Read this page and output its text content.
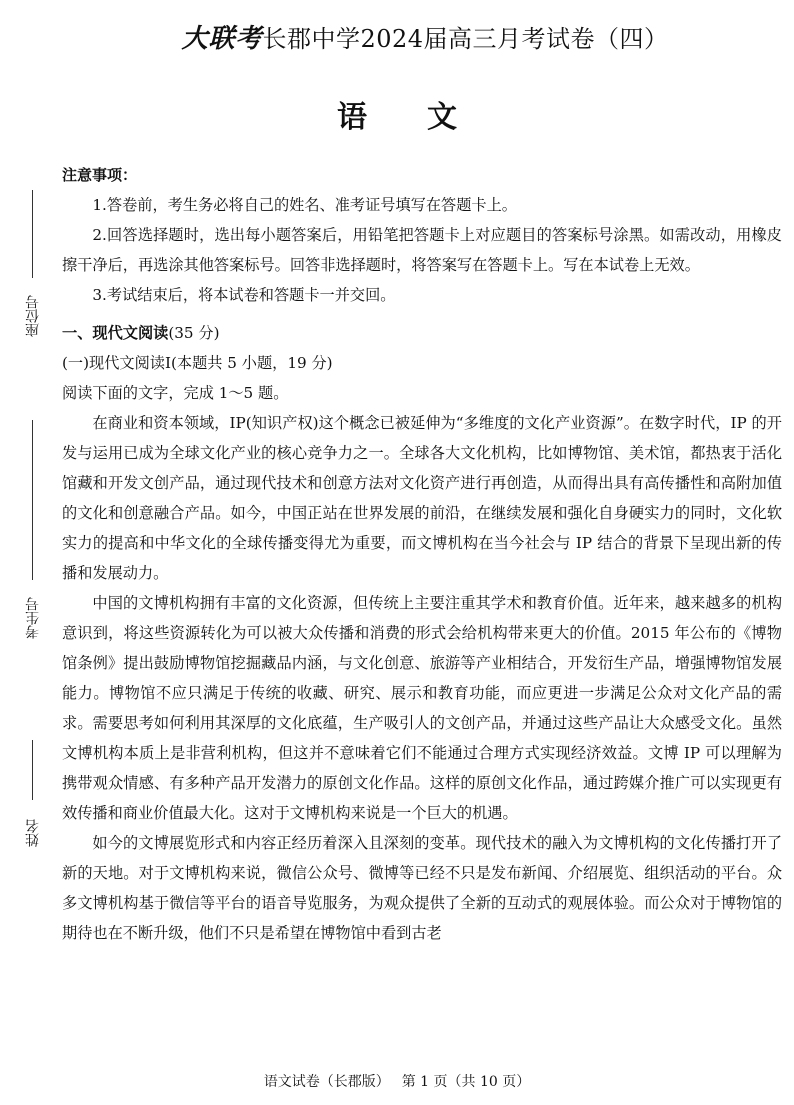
大联考长郡中学2024届高三月考试卷（四）
语文
座位号
考生号
姓名

注意事项：

1.答卷前，考生务必将自己的姓名、准考证号填写在答题卡上。

2.回答选择题时，选出每小题答案后，用铅笔把答题卡上对应题目的答案标号涂黑。如需改动，用橡皮擦干净后，再选涂其他答案标号。回答非选择题时，将答案写在答题卡上。写在本试卷上无效。

3.考试结束后，将本试卷和答题卡一并交回。

一、现代文阅读(35 分)

(一)现代文阅读Ⅰ(本题共 5 小题，19 分)

阅读下面的文字，完成 1～5 题。

在商业和资本领域，IP(知识产权)这个概念已被延伸为“多维度的文化产业资源”。在数字时代，IP 的开发与运用已成为全球文化产业的核心竞争力之一。全球各大文化机构，比如博物馆、美术馆，都热衷于活化馆藏和开发文创产品，通过现代技术和创意方法对文化资产进行再创造，从而得出具有高传播性和高附加值的文化和创意融合产品。如今，中国正站在世界发展的前沿，在继续发展和强化自身硬实力的同时，文化软实力的提高和中华文化的全球传播变得尤为重要，而文博机构在当今社会与 IP 结合的背景下呈现出新的传播和发展动力。

中国的文博机构拥有丰富的文化资源，但传统上主要注重其学术和教育价值。近年来，越来越多的机构意识到，将这些资源转化为可以被大众传播和消费的形式会给机构带来更大的价值。2015 年公布的《博物馆条例》提出鼓励博物馆挖掘藏品内涵，与文化创意、旅游等产业相结合，开发衍生产品，增强博物馆发展能力。博物馆不应只满足于传统的收藏、研究、展示和教育功能，而应更进一步满足公众对文化产品的需求。需要思考如何利用其深厚的文化底蕴，生产吸引人的文创产品，并通过这些产品让大众感受文化。虽然文博机构本质上是非营利机构，但这并不意味着它们不能通过合理方式实现经济效益。文博 IP 可以理解为携带观众情感、有多种产品开发潜力的原创文化作品。这样的原创文化作品，通过跨媒介推广可以实现更有效传播和商业价值最大化。这对于文博机构来说是一个巨大的机遇。

如今的文博展览形式和内容正经历着深入且深刻的变革。现代技术的融入为文博机构的文化传播打开了新的天地。对于文博机构来说，微信公众号、微博等已经不只是发布新闻、介绍展览、组织活动的平台。众多文博机构基于微信等平台的语音导览服务，为观众提供了全新的互动式的观展体验。而公众对于博物馆的期待也在不断升级，他们不只是希望在博物馆中看到古老

语文试卷（长郡版） 第 1 页（共 10 页）
